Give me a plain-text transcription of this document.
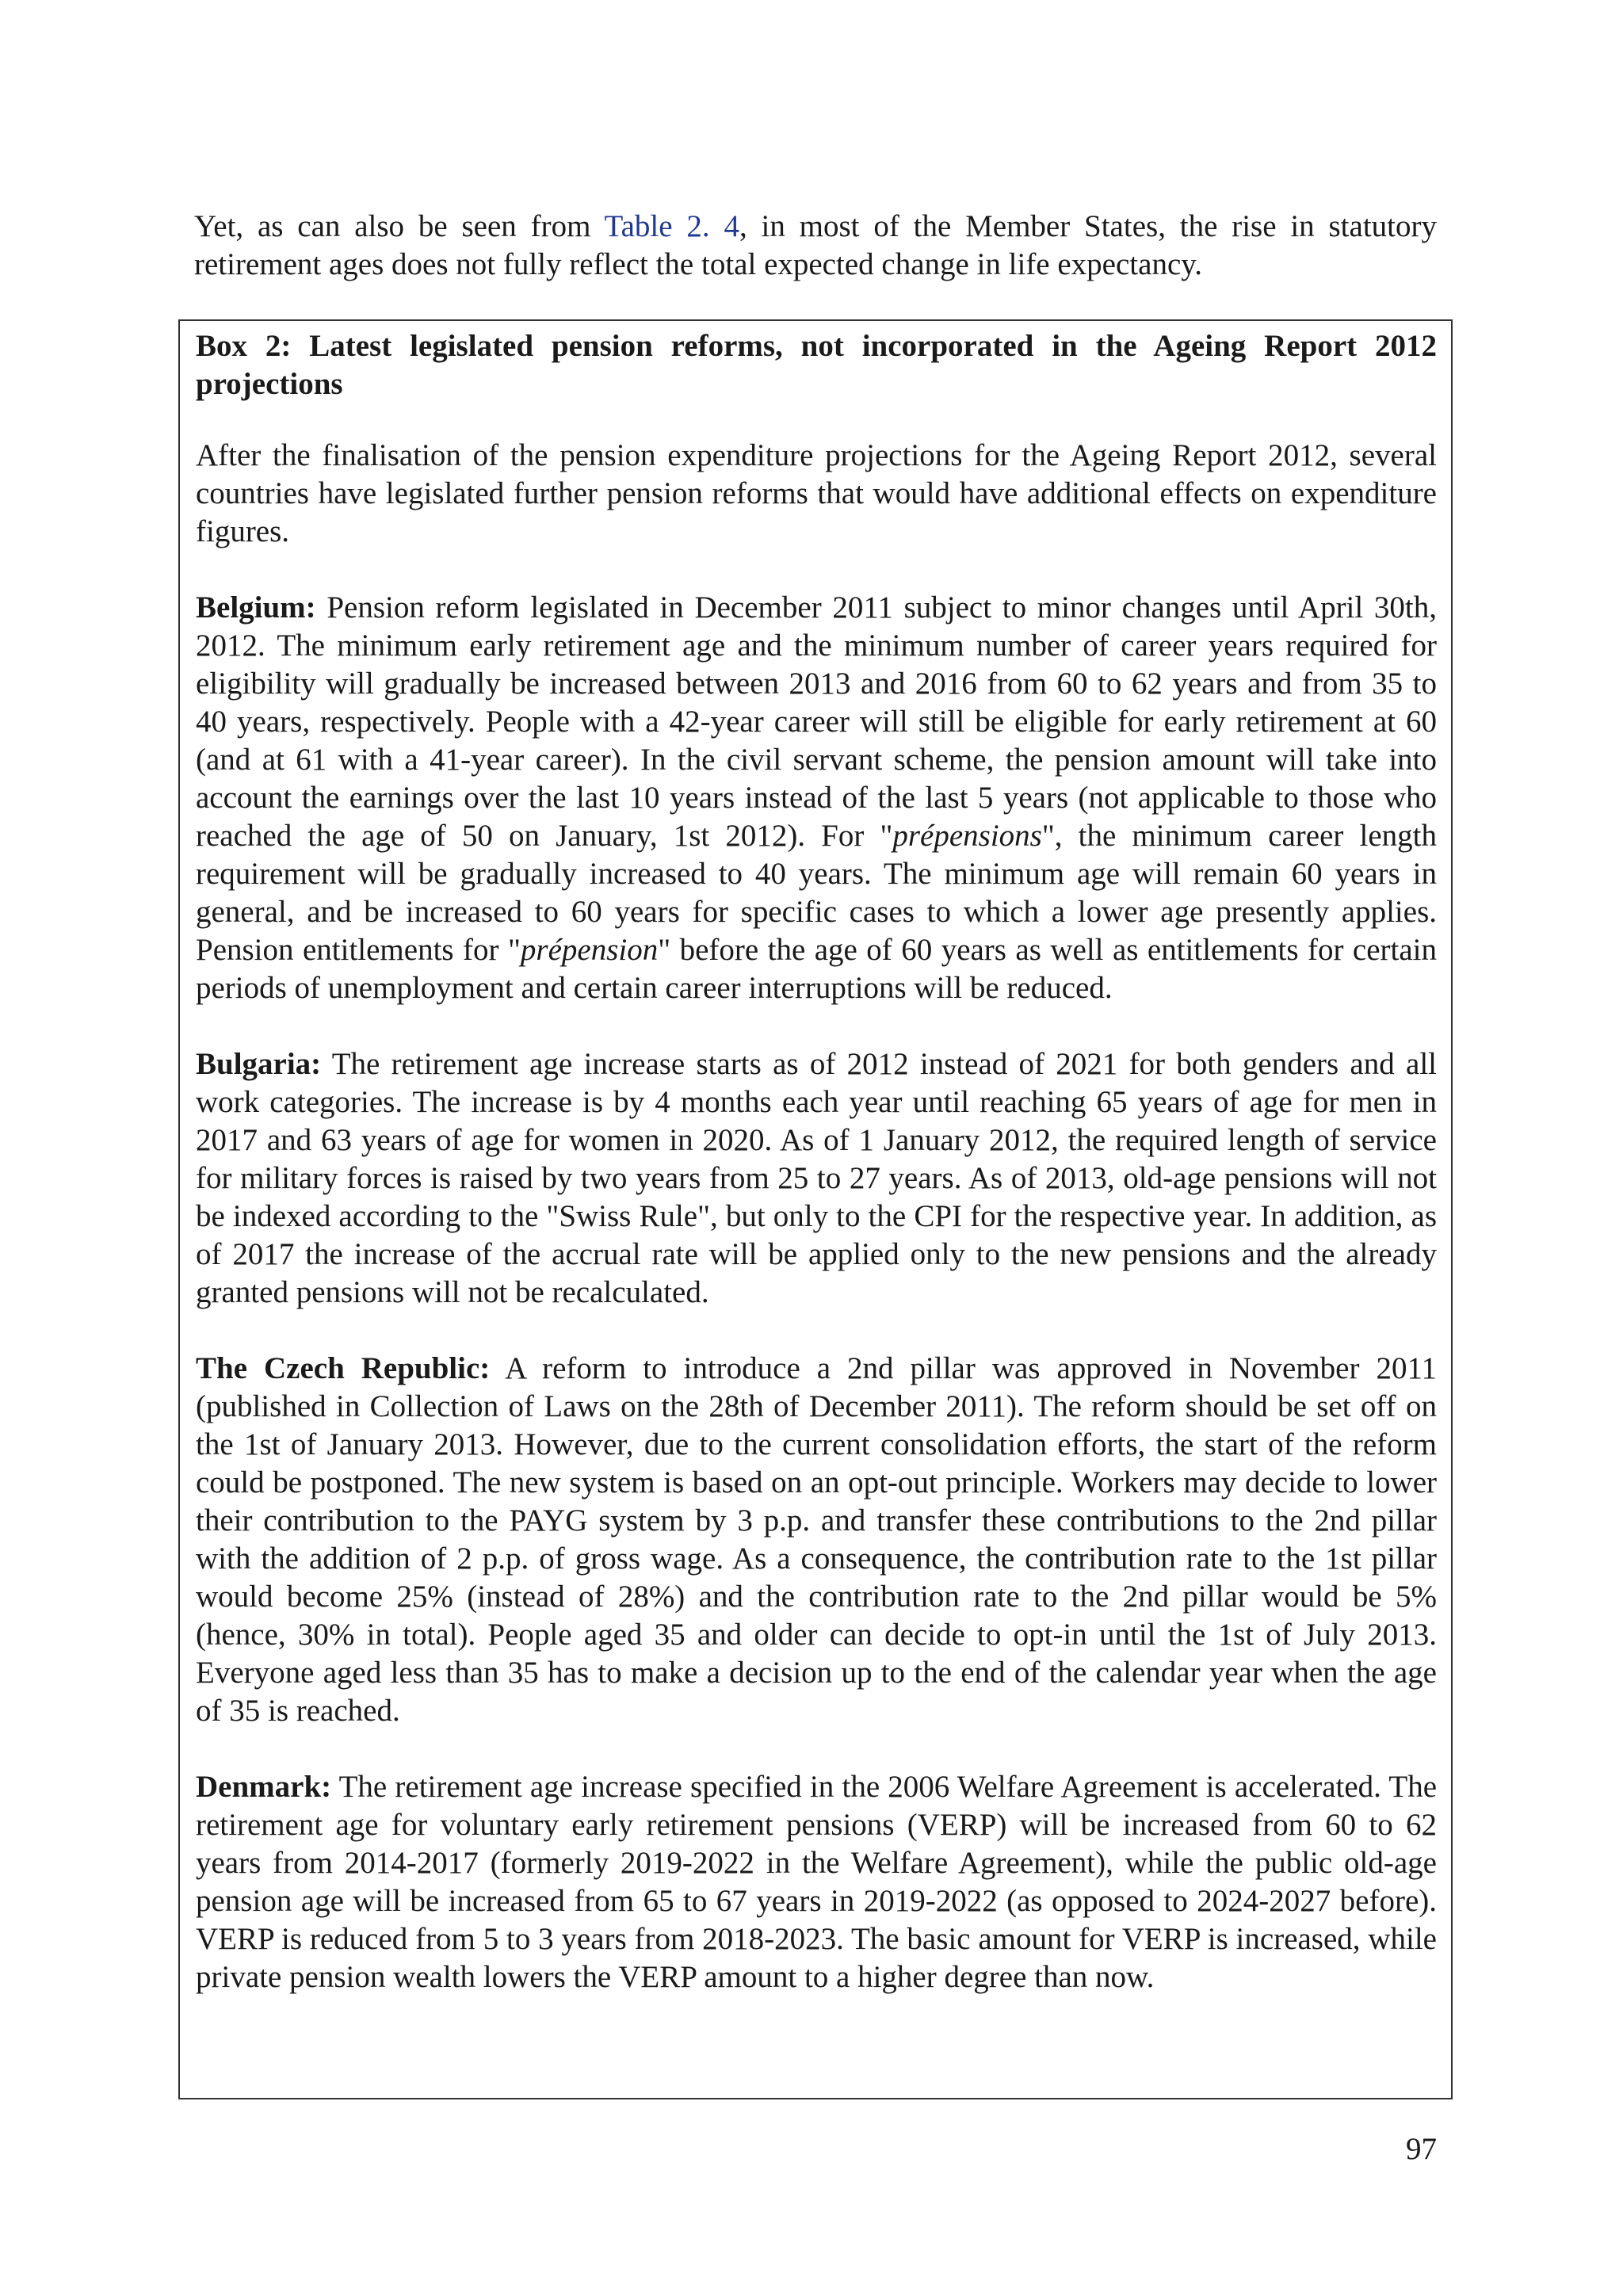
Yet, as can also be seen from Table 2. 4, in most of the Member States, the rise in statutory retirement ages does not fully reflect the total expected change in life expectancy.

Box 2: Latest legislated pension reforms, not incorporated in the Ageing Report 2012 projections

After the finalisation of the pension expenditure projections for the Ageing Report 2012, several countries have legislated further pension reforms that would have additional effects on expenditure figures.

Belgium: Pension reform legislated in December 2011 subject to minor changes until April 30th, 2012. The minimum early retirement age and the minimum number of career years required for eligibility will gradually be increased between 2013 and 2016 from 60 to 62 years and from 35 to 40 years, respectively. People with a 42-year career will still be eligible for early retirement at 60 (and at 61 with a 41-year career). In the civil servant scheme, the pension amount will take into account the earnings over the last 10 years instead of the last 5 years (not applicable to those who reached the age of 50 on January, 1st 2012). For "prépensions", the minimum career length requirement will be gradually increased to 40 years. The minimum age will remain 60 years in general, and be increased to 60 years for specific cases to which a lower age presently applies. Pension entitlements for "prépension" before the age of 60 years as well as entitlements for certain periods of unemployment and certain career interruptions will be reduced.

Bulgaria: The retirement age increase starts as of 2012 instead of 2021 for both genders and all work categories. The increase is by 4 months each year until reaching 65 years of age for men in 2017 and 63 years of age for women in 2020. As of 1 January 2012, the required length of service for military forces is raised by two years from 25 to 27 years. As of 2013, old-age pensions will not be indexed according to the "Swiss Rule", but only to the CPI for the respective year. In addition, as of 2017 the increase of the accrual rate will be applied only to the new pensions and the already granted pensions will not be recalculated.

The Czech Republic: A reform to introduce a 2nd pillar was approved in November 2011 (published in Collection of Laws on the 28th of December 2011). The reform should be set off on the 1st of January 2013. However, due to the current consolidation efforts, the start of the reform could be postponed. The new system is based on an opt-out principle. Workers may decide to lower their contribution to the PAYG system by 3 p.p. and transfer these contributions to the 2nd pillar with the addition of 2 p.p. of gross wage. As a consequence, the contribution rate to the 1st pillar would become 25% (instead of 28%) and the contribution rate to the 2nd pillar would be 5% (hence, 30% in total). People aged 35 and older can decide to opt-in until the 1st of July 2013. Everyone aged less than 35 has to make a decision up to the end of the calendar year when the age of 35 is reached.

Denmark: The retirement age increase specified in the 2006 Welfare Agreement is accelerated. The retirement age for voluntary early retirement pensions (VERP) will be increased from 60 to 62 years from 2014-2017 (formerly 2019-2022 in the Welfare Agreement), while the public old-age pension age will be increased from 65 to 67 years in 2019-2022 (as opposed to 2024-2027 before). VERP is reduced from 5 to 3 years from 2018-2023. The basic amount for VERP is increased, while private pension wealth lowers the VERP amount to a higher degree than now.

97
